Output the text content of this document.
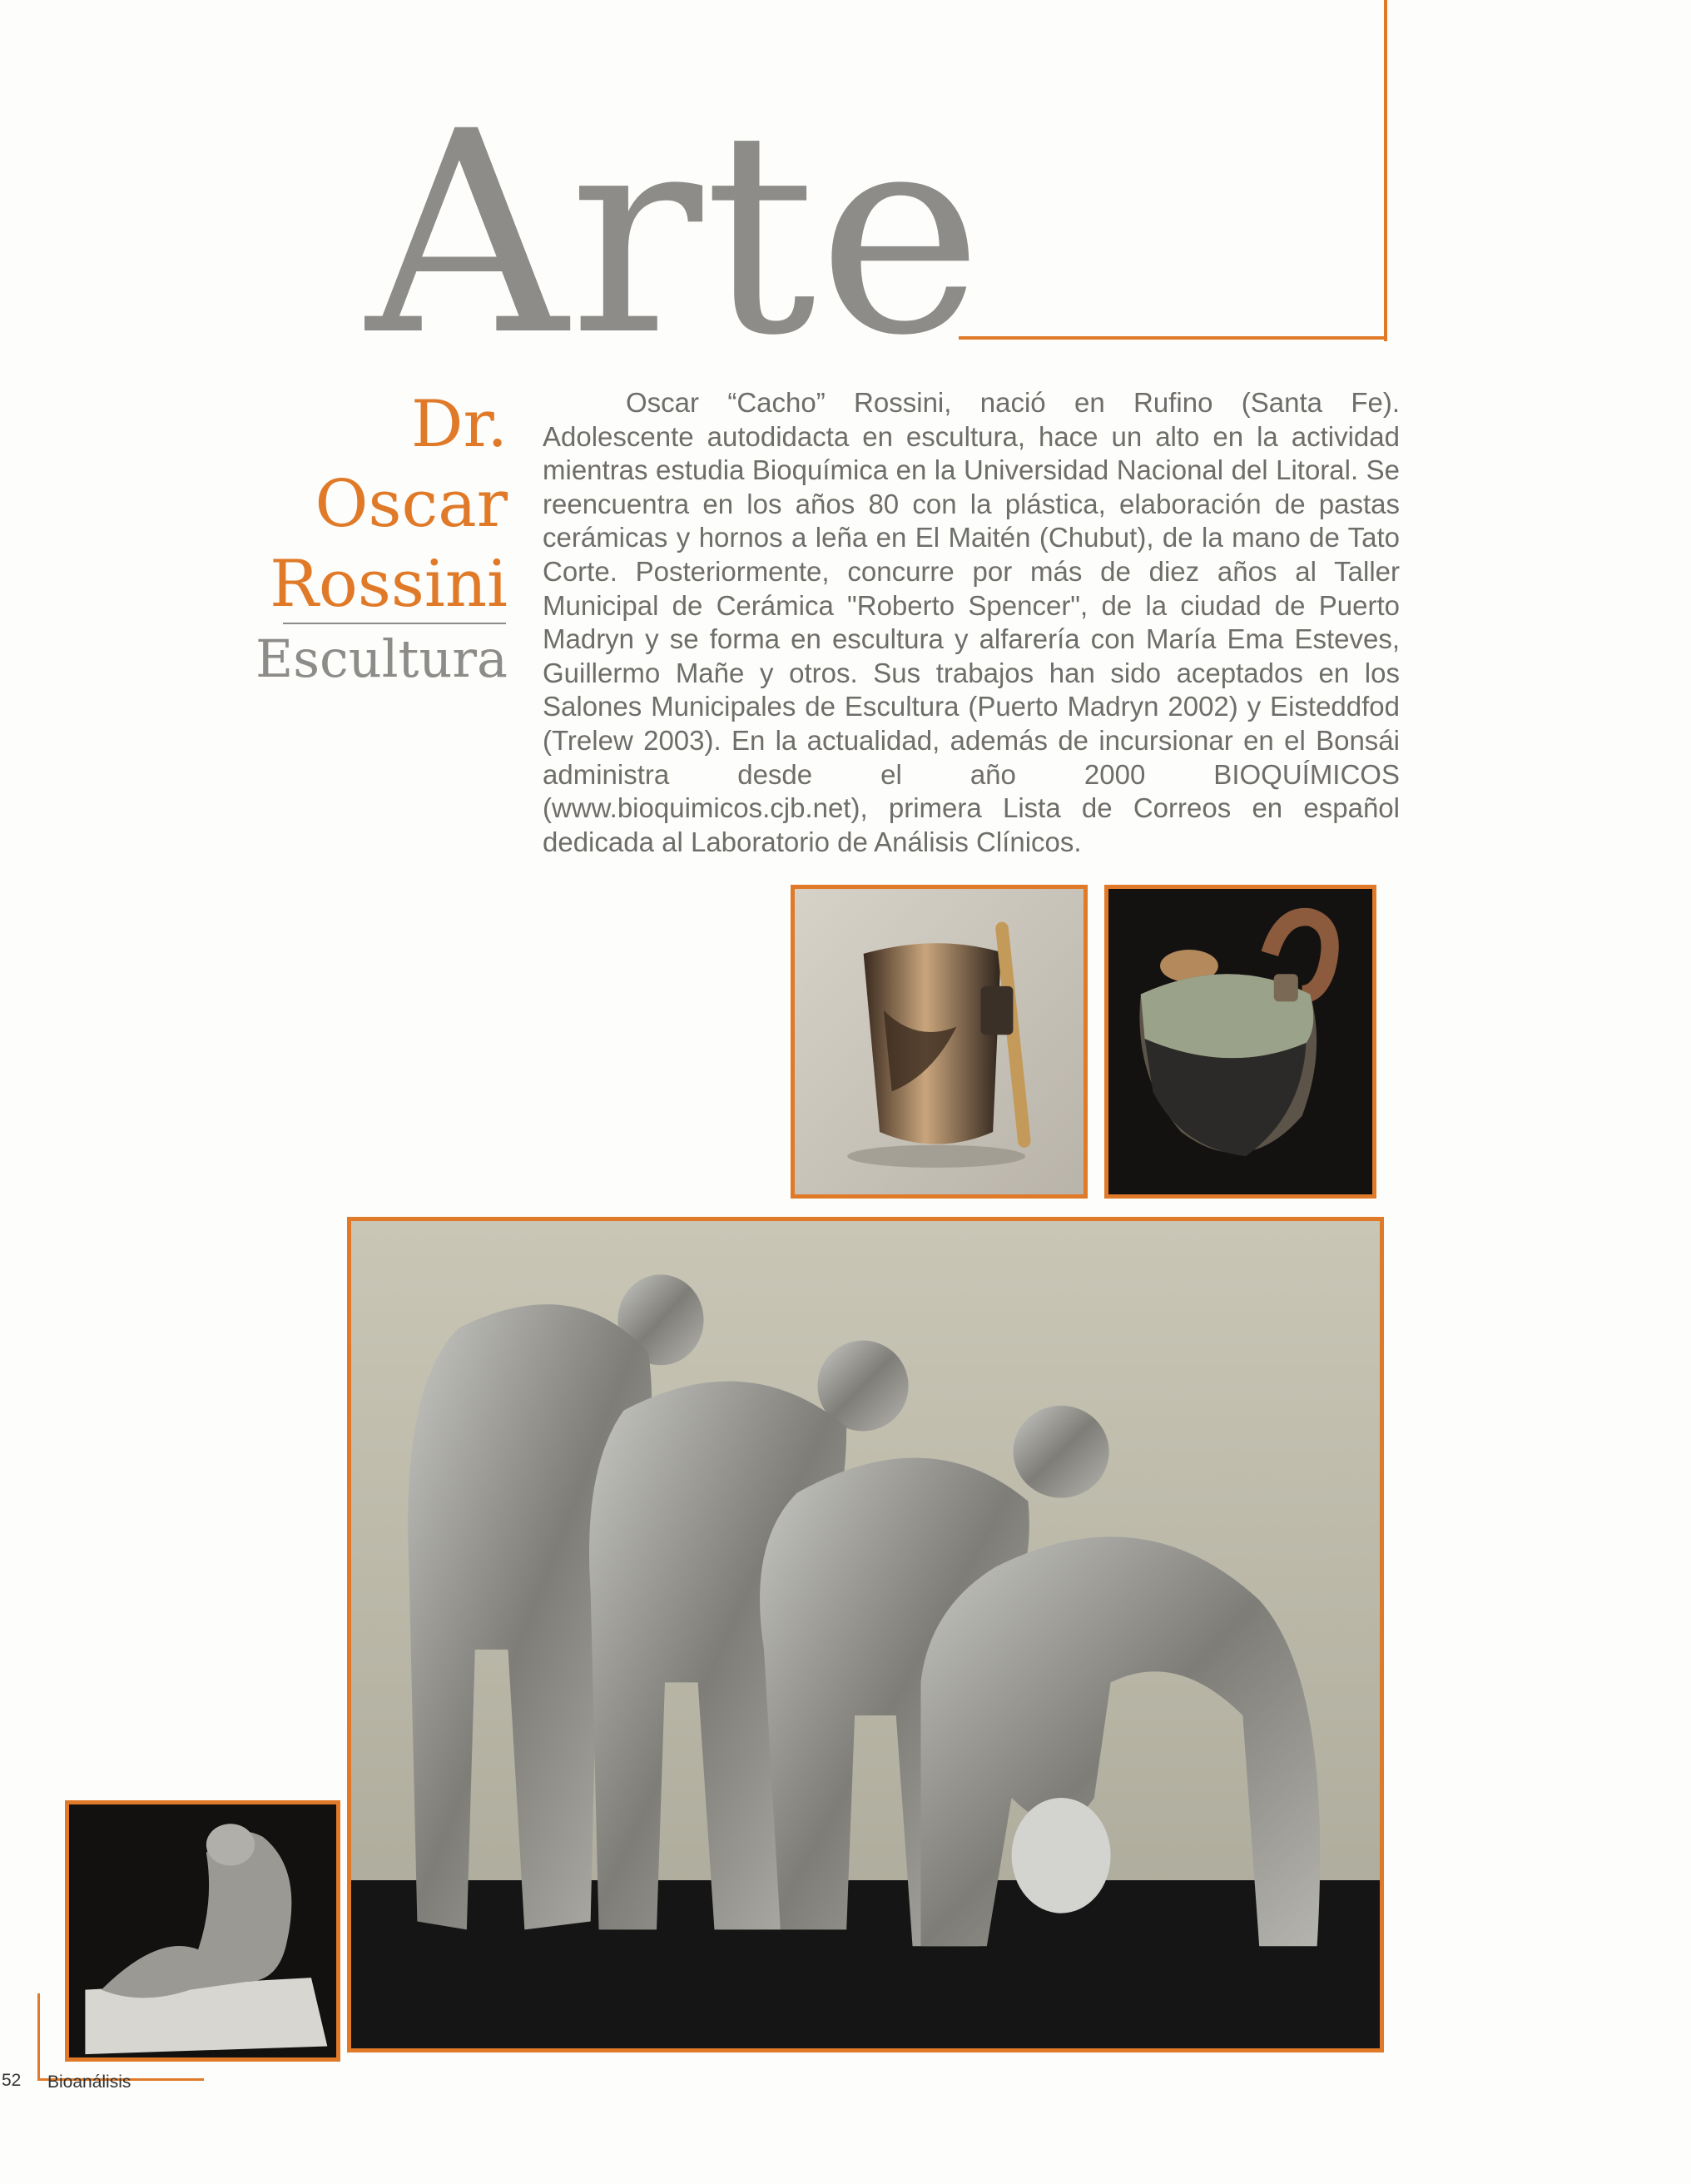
Arte
Dr.
Oscar
Rossini
Escultura
Oscar “Cacho” Rossini, nació en Rufino (Santa Fe). Adolescente autodidacta en escultura, hace un alto en la actividad mientras estudia Bioquímica en la Universidad Nacional del Litoral. Se reencuentra en los años 80 con la plástica, elaboración de pastas cerámicas y hornos a leña en El Maitén (Chubut), de la mano de Tato Corte. Posteriormente, concurre por más de diez años al Taller Municipal de Cerámica "Roberto Spencer", de la ciudad de Puerto Madryn y se forma en escultura y alfarería con María Ema Esteves, Guillermo Mañe y otros. Sus trabajos han sido aceptados en los Salones Municipales de Escultura (Puerto Madryn 2002) y Eisteddfod (Trelew 2003). En la actualidad, además de incursionar en el Bonsái administra desde el año 2000 BIOQUÍMICOS (www.bioquimicos.cjb.net), primera Lista de Correos en español dedicada al Laboratorio de Análisis Clínicos.
52 Bioanálisis
